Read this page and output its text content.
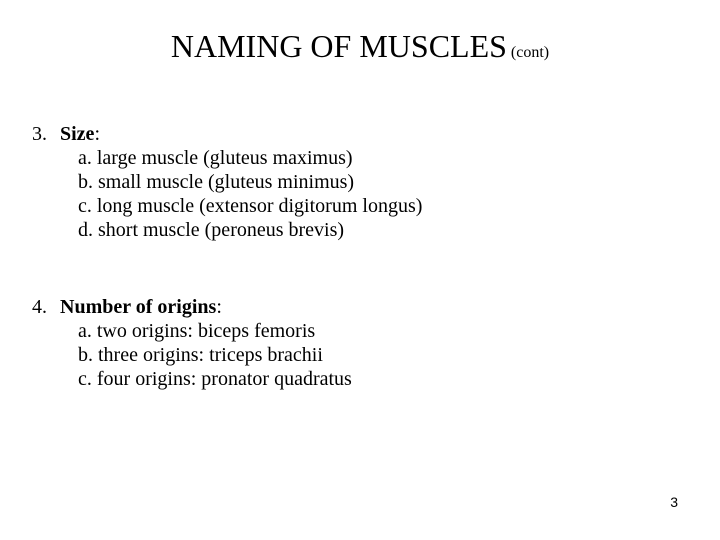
NAMING OF MUSCLES (cont)
3. Size:
a. large muscle (gluteus maximus)
b. small muscle (gluteus minimus)
c. long muscle (extensor digitorum longus)
d. short muscle (peroneus brevis)
4. Number of origins:
a. two origins: biceps femoris
b. three origins: triceps brachii
c. four origins: pronator quadratus
3
